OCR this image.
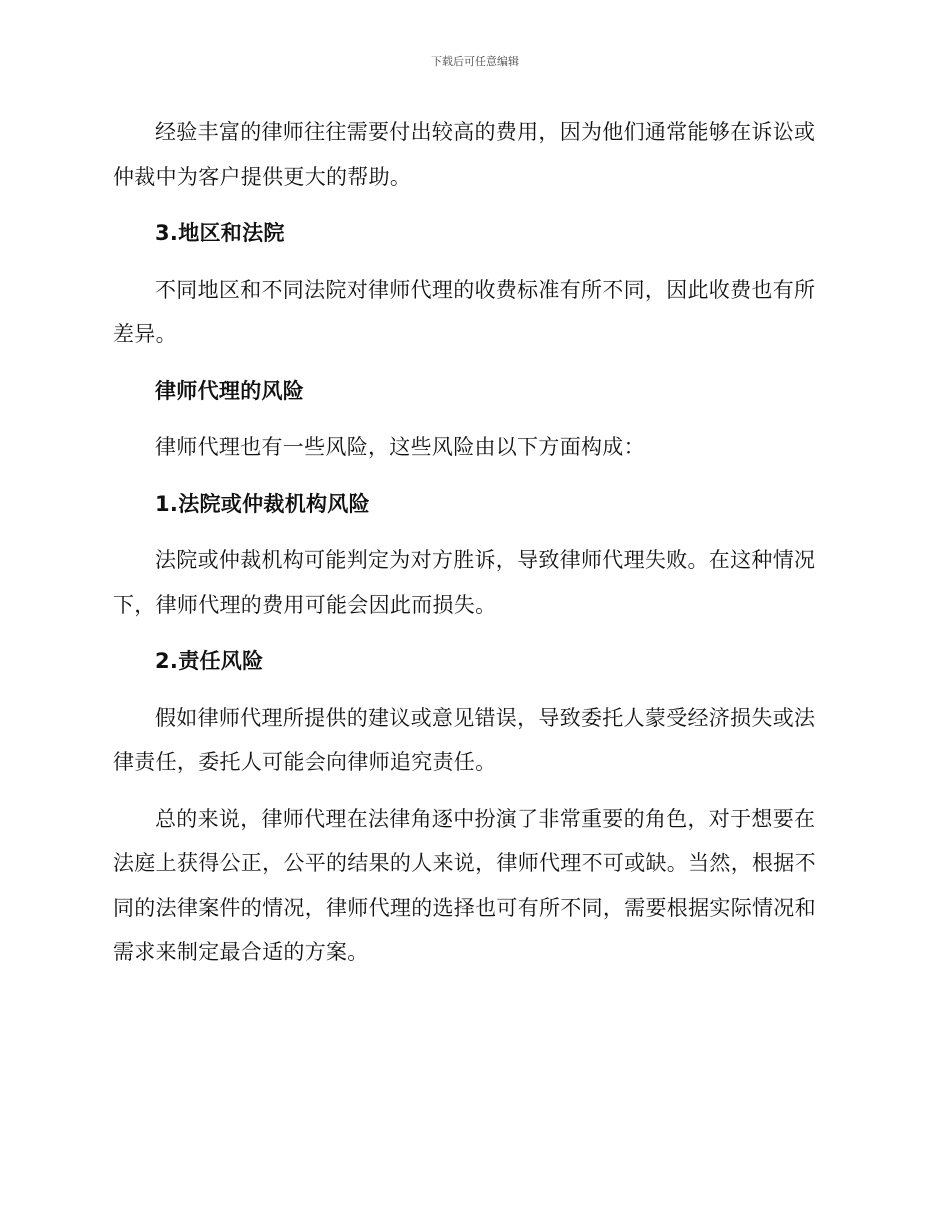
下载后可任意编辑

经验丰富的律师往往需要付出较高的费用，因为他们通常能够在诉讼或仲裁中为客户提供更大的帮助。

3.地区和法院

不同地区和不同法院对律师代理的收费标准有所不同，因此收费也有所差异。

律师代理的风险

律师代理也有一些风险，这些风险由以下方面构成：

1.法院或仲裁机构风险

法院或仲裁机构可能判定为对方胜诉，导致律师代理失败。在这种情况下，律师代理的费用可能会因此而损失。

2.责任风险

假如律师代理所提供的建议或意见错误，导致委托人蒙受经济损失或法律责任，委托人可能会向律师追究责任。

总的来说，律师代理在法律角逐中扮演了非常重要的角色，对于想要在法庭上获得公正，公平的结果的人来说，律师代理不可或缺。当然，根据不同的法律案件的情况，律师代理的选择也可有所不同，需要根据实际情况和需求来制定最合适的方案。
